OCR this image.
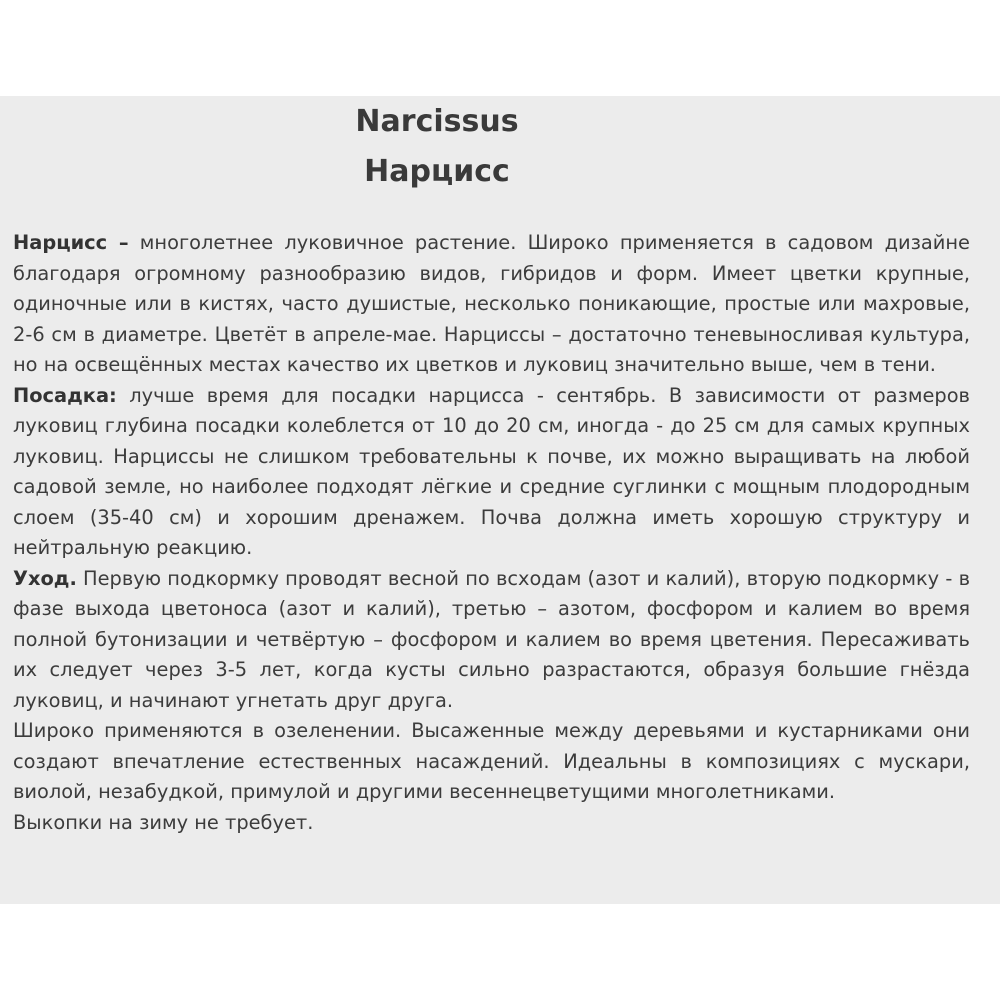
Narcissus
Нарцисс

Нарцисс – многолетнее луковичное растение. Широко применяется в садовом дизайне благодаря огромному разнообразию видов, гибридов и форм. Имеет цветки крупные, одиночные или в кистях, часто душистые, несколько поникающие, простые или махровые, 2-6 см в диаметре. Цветёт в апреле-мае. Нарциссы – достаточно теневыносливая культура, но на освещённых местах качество их цветков и луковиц значительно выше, чем в тени.

Посадка: лучше время для посадки нарцисса - сентябрь. В зависимости от размеров луковиц глубина посадки колеблется от 10 до 20 см, иногда - до 25 см для самых крупных луковиц. Нарциссы не слишком требовательны к почве, их можно выращивать на любой садовой земле, но наиболее подходят лёгкие и средние суглинки с мощным плодородным слоем (35-40 см) и хорошим дренажем. Почва должна иметь хорошую структуру и нейтральную реакцию.

Уход. Первую подкормку проводят весной по всходам (азот и калий), вторую подкормку - в фазе выхода цветоноса (азот и калий), третью – азотом, фосфором и калием во время полной бутонизации и четвёртую – фосфором и калием во время цветения. Пересаживать их следует через 3-5 лет, когда кусты сильно разрастаются, образуя большие гнёзда луковиц, и начинают угнетать друг друга.

Широко применяются в озеленении. Высаженные между деревьями и кустарниками они создают впечатление естественных насаждений. Идеальны в композициях с мускари, виолой, незабудкой, примулой и другими весеннецветущими многолетниками.

Выкопки на зиму не требует.
